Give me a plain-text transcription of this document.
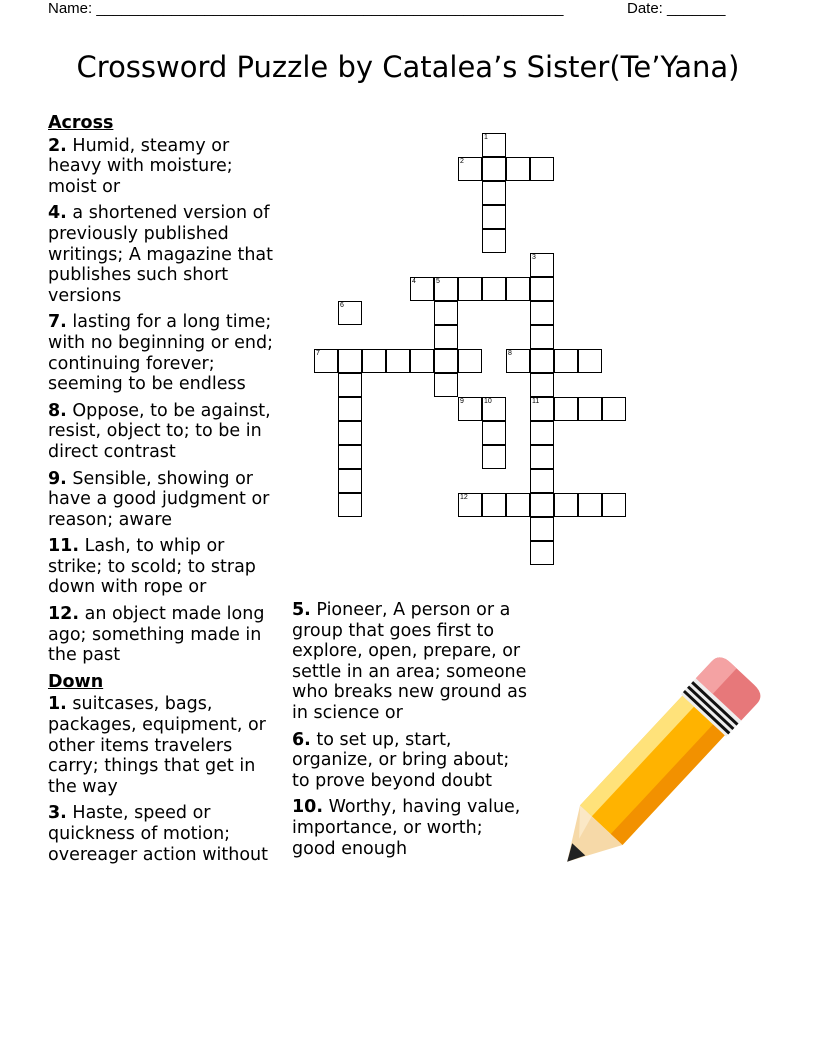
Name: ________________________________________________________	Date: _______
Crossword Puzzle by Catalea’s Sister(Te’Yana)
Across
2. Humid, steamy or heavy with moisture; moist or
4. a shortened version of previously published writings; A magazine that publishes such short versions
7. lasting for a long time; with no beginning or end; continuing forever; seeming to be endless
8. Oppose, to be against, resist, object to; to be in direct contrast
9. Sensible, showing or have a good judgment or reason; aware
11. Lash, to whip or strike; to scold; to strap down with rope or
12. an object made long ago; something made in the past
Down
1. suitcases, bags, packages, equipment, or other items travelers carry; things that get in the way
3. Haste, speed or quickness of motion; overeager action without
5. Pioneer, A person or a group that goes first to explore, open, prepare, or settle in an area; someone who breaks new ground as in science or
6. to set up, start, organize, or bring about; to prove beyond doubt
10. Worthy, having value, importance, or worth; good enough
1
2
3
4	5
6
7	8
9	10	11
12
